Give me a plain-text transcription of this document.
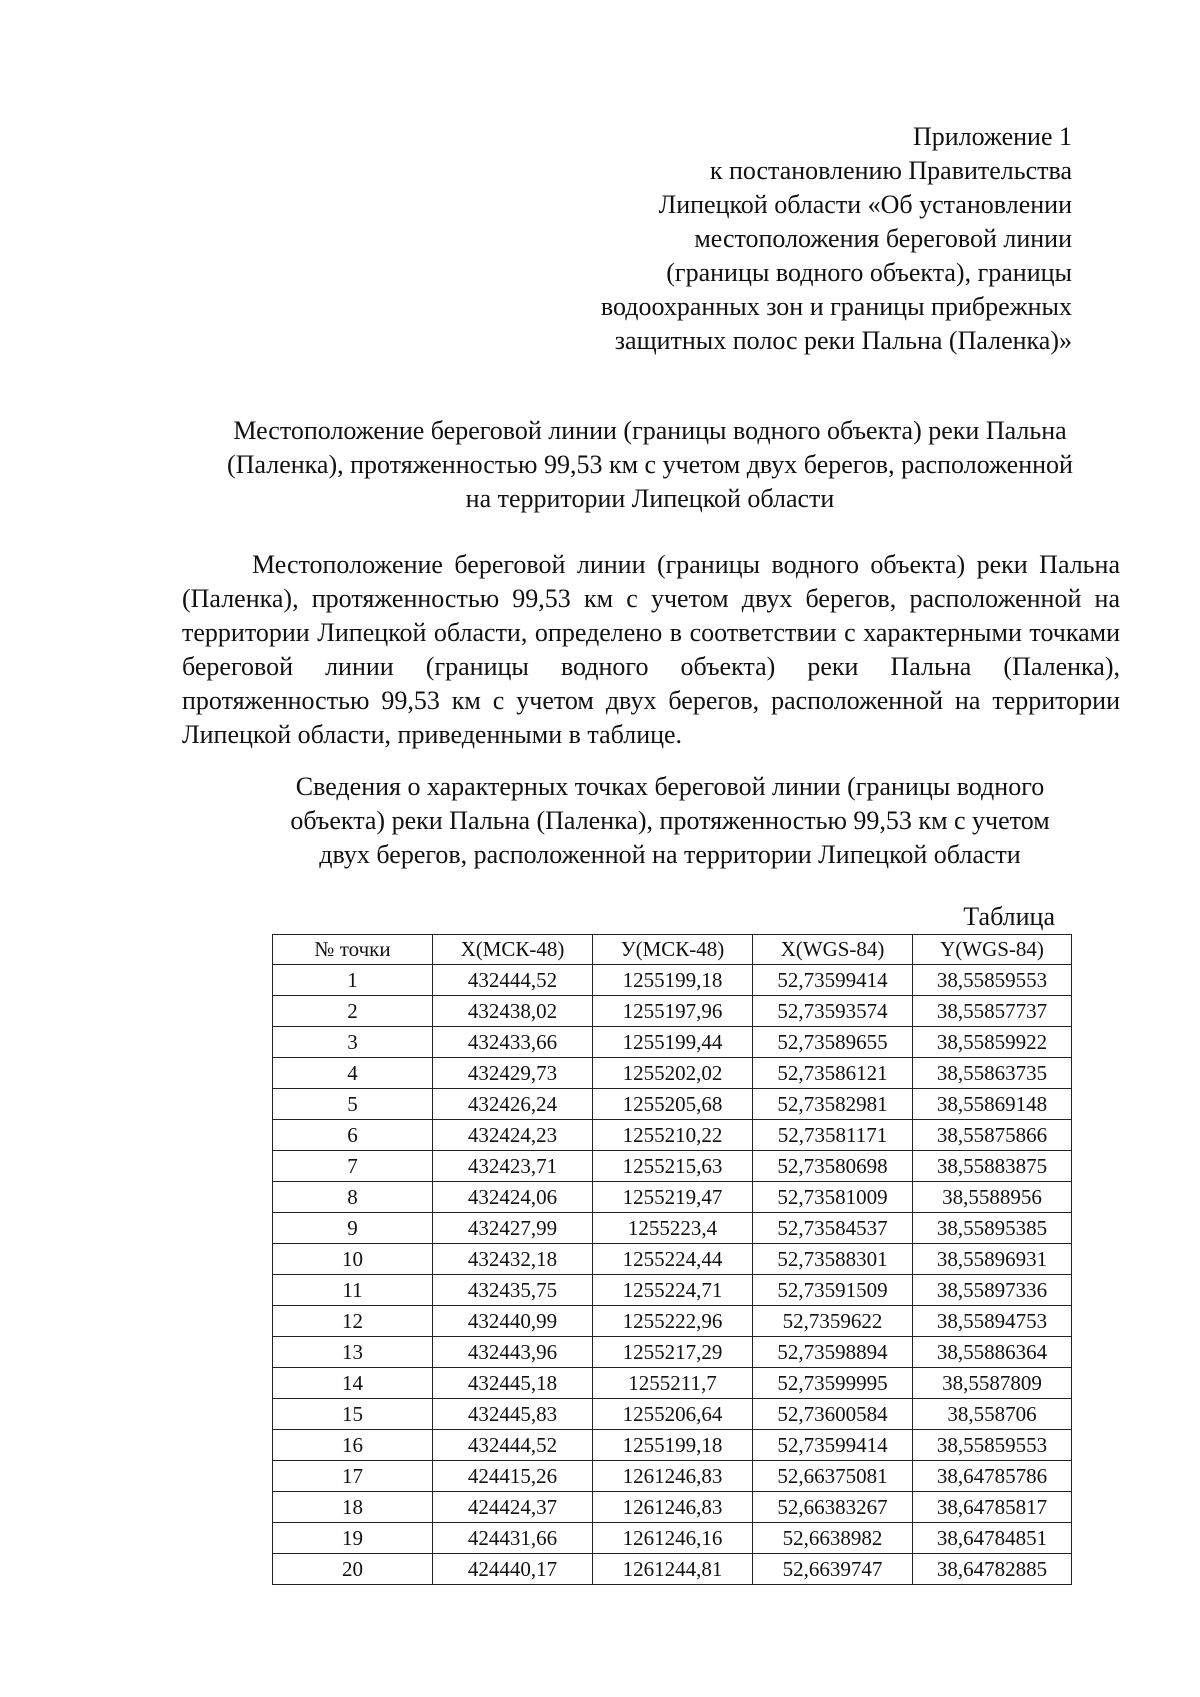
Приложение 1
к постановлению Правительства
Липецкой области «Об установлении
местоположения береговой линии
(границы водного объекта), границы
водоохранных зон и границы прибрежных
защитных полос реки Пальна (Паленка)»
Местоположение береговой линии (границы водного объекта) реки Пальна
(Паленка), протяженностью 99,53 км с учетом двух берегов, расположенной
на территории Липецкой области
Местоположение береговой линии (границы водного объекта) реки Пальна (Паленка), протяженностью 99,53 км с учетом двух берегов, расположенной на территории Липецкой области, определено в соответствии с характерными точками береговой линии (границы водного объекта) реки Пальна (Паленка), протяженностью 99,53 км с учетом двух берегов, расположенной на территории Липецкой области, приведенными в таблице.
Сведения о характерных точках береговой линии (границы водного
объекта) реки Пальна (Паленка), протяженностью 99,53 км с учетом
двух берегов, расположенной на территории Липецкой области
Таблица
№ точки	X(МСК-48)	У(МСК-48)	X(WGS-84)	Y(WGS-84)
1	432444,52	1255199,18	52,73599414	38,55859553
2	432438,02	1255197,96	52,73593574	38,55857737
3	432433,66	1255199,44	52,73589655	38,55859922
4	432429,73	1255202,02	52,73586121	38,55863735
5	432426,24	1255205,68	52,73582981	38,55869148
6	432424,23	1255210,22	52,73581171	38,55875866
7	432423,71	1255215,63	52,73580698	38,55883875
8	432424,06	1255219,47	52,73581009	38,5588956
9	432427,99	1255223,4	52,73584537	38,55895385
10	432432,18	1255224,44	52,73588301	38,55896931
11	432435,75	1255224,71	52,73591509	38,55897336
12	432440,99	1255222,96	52,7359622	38,55894753
13	432443,96	1255217,29	52,73598894	38,55886364
14	432445,18	1255211,7	52,73599995	38,5587809
15	432445,83	1255206,64	52,73600584	38,558706
16	432444,52	1255199,18	52,73599414	38,55859553
17	424415,26	1261246,83	52,66375081	38,64785786
18	424424,37	1261246,83	52,66383267	38,64785817
19	424431,66	1261246,16	52,6638982	38,64784851
20	424440,17	1261244,81	52,6639747	38,64782885
